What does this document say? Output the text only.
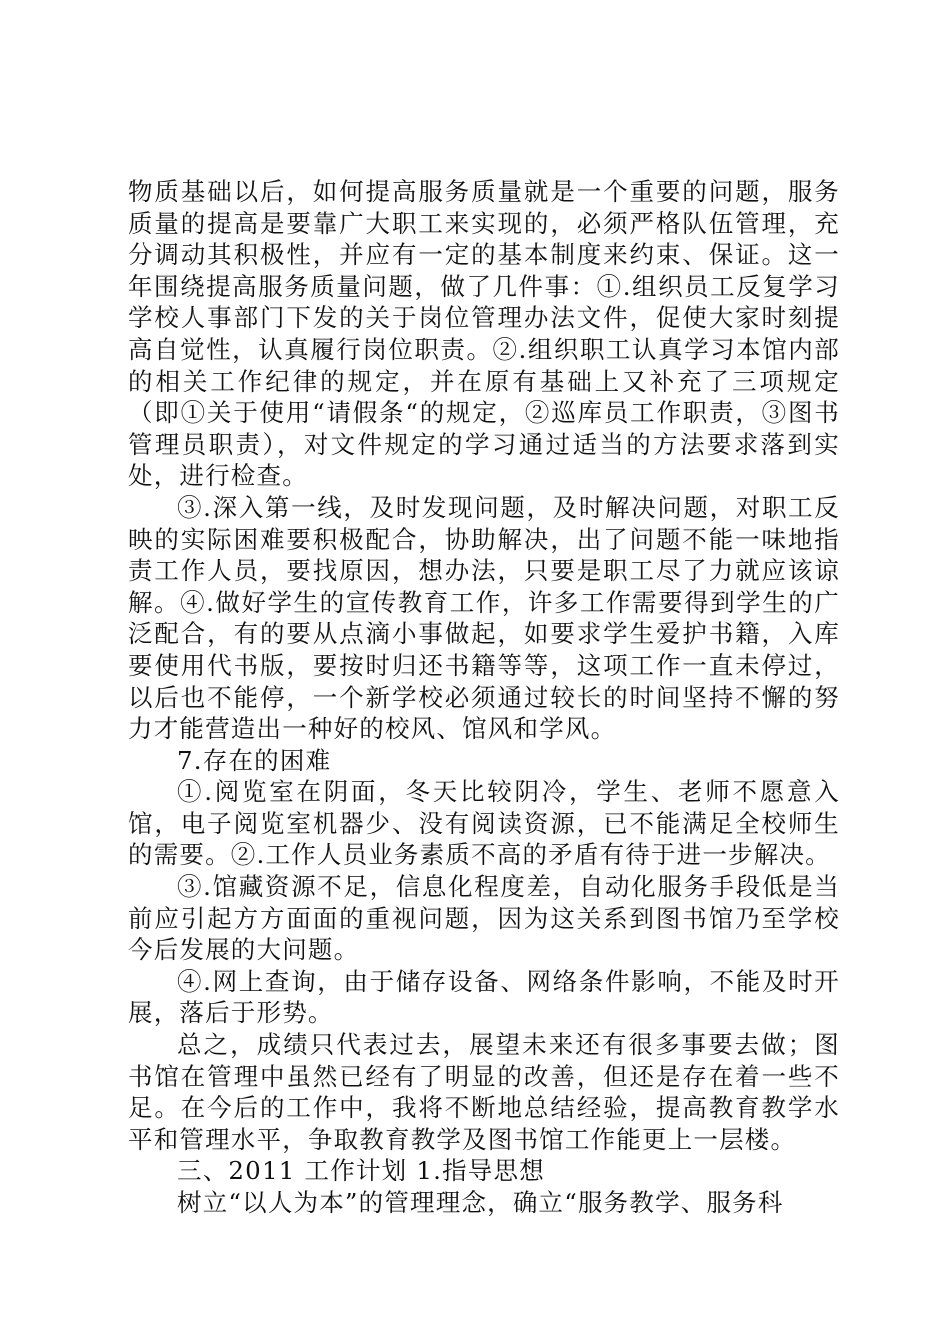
物质基础以后，如何提高服务质量就是一个重要的问题，服务质量的提高是要靠广大职工来实现的，必须严格队伍管理，充分调动其积极性，并应有一定的基本制度来约束、保证。这一年围绕提高服务质量问题，做了几件事：①.组织员工反复学习学校人事部门下发的关于岗位管理办法文件，促使大家时刻提高自觉性，认真履行岗位职责。②.组织职工认真学习本馆内部的相关工作纪律的规定，并在原有基础上又补充了三项规定（即①关于使用“请假条“的规定，②巡库员工作职责，③图书管理员职责），对文件规定的学习通过适当的方法要求落到实处，进行检查。

③.深入第一线，及时发现问题，及时解决问题，对职工反映的实际困难要积极配合，协助解决，出了问题不能一味地指责工作人员，要找原因，想办法，只要是职工尽了力就应该谅解。④.做好学生的宣传教育工作，许多工作需要得到学生的广泛配合，有的要从点滴小事做起，如要求学生爱护书籍，入库要使用代书版，要按时归还书籍等等，这项工作一直未停过，以后也不能停，一个新学校必须通过较长的时间坚持不懈的努力才能营造出一种好的校风、馆风和学风。

7.存在的困难

①.阅览室在阴面，冬天比较阴冷，学生、老师不愿意入馆，电子阅览室机器少、没有阅读资源，已不能满足全校师生的需要。②.工作人员业务素质不高的矛盾有待于进一步解决。

③.馆藏资源不足，信息化程度差，自动化服务手段低是当前应引起方方面面的重视问题，因为这关系到图书馆乃至学校今后发展的大问题。

④.网上查询，由于储存设备、网络条件影响，不能及时开展，落后于形势。

总之，成绩只代表过去，展望未来还有很多事要去做；图书馆在管理中虽然已经有了明显的改善，但还是存在着一些不足。在今后的工作中，我将不断地总结经验，提高教育教学水平和管理水平，争取教育教学及图书馆工作能更上一层楼。

三、2011 工作计划 1.指导思想

树立“以人为本”的管理理念，确立“服务教学、服务科
